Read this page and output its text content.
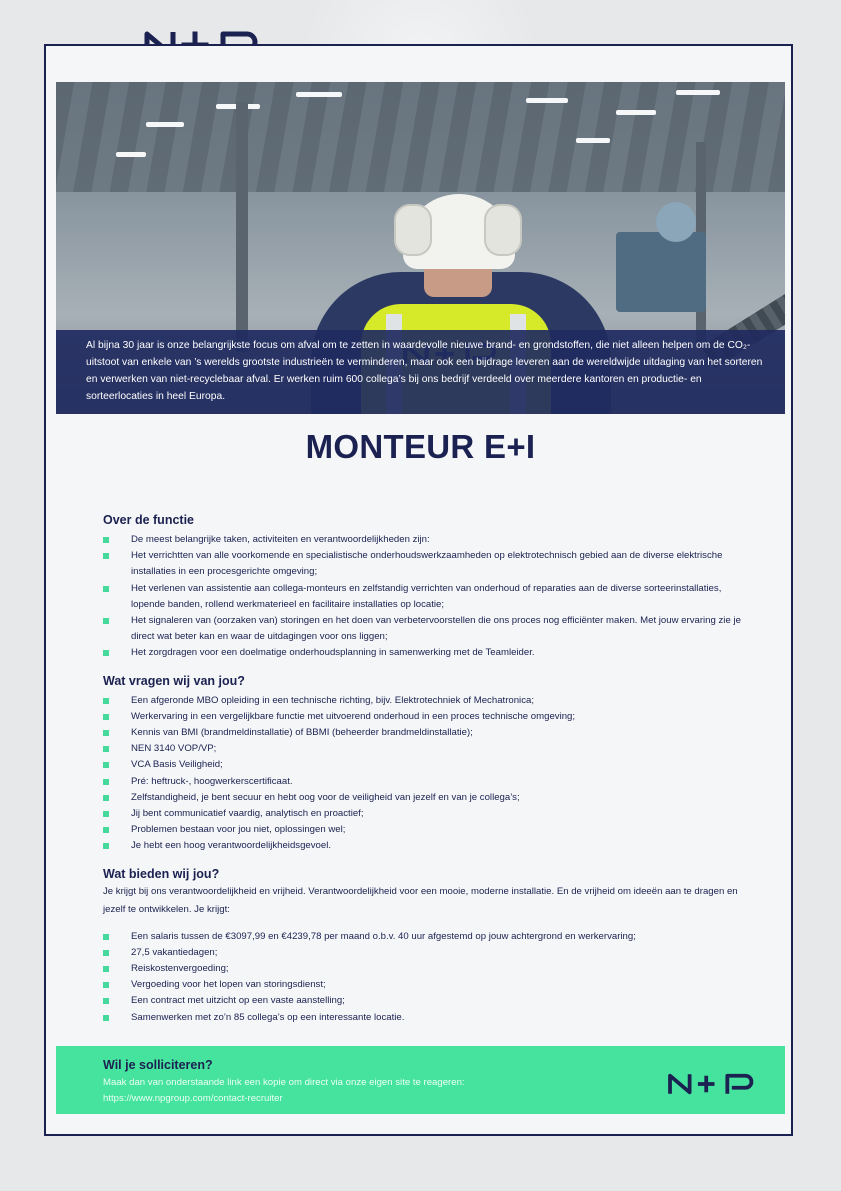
Al bijna 30 jaar is onze belangrijkste focus om afval om te zetten in waardevolle nieuwe brand- en grondstoffen, die niet alleen helpen om de CO₂-uitstoot van enkele van ’s werelds grootste industrieën te verminderen, maar ook een bijdrage leveren aan de wereldwijde uitdaging van het sorteren en verwerken van niet-recyclebaar afval. Er werken ruim 600 collega’s bij ons bedrijf verdeeld over meerdere kantoren en productie- en sorteerlocaties in heel Europa.

MONTEUR E+I
Over de functie
De meest belangrijke taken, activiteiten en verantwoordelijkheden zijn:
Het verrichtten van alle voorkomende en specialistische onderhoudswerkzaamheden op elektrotechnisch gebied aan de diverse elektrische installaties in een procesgerichte omgeving;
Het verlenen van assistentie aan collega-monteurs en zelfstandig verrichten van onderhoud of reparaties aan de diverse sorteerinstallaties, lopende banden, rollend werkmaterieel en facilitaire installaties op locatie;
Het signaleren van (oorzaken van) storingen en het doen van verbetervoorstellen die ons proces nog efficiënter maken. Met jouw ervaring zie je direct wat beter kan en waar de uitdagingen voor ons liggen;
Het zorgdragen voor een doelmatige onderhoudsplanning in samenwerking met de Teamleider.
Wat vragen wij van jou?
Een afgeronde MBO opleiding in een technische richting, bijv. Elektrotechniek of Mechatronica;
Werkervaring in een vergelijkbare functie met uitvoerend onderhoud in een proces technische omgeving;
Kennis van BMI (brandmeldinstallatie) of BBMI (beheerder brandmeldinstallatie);
NEN 3140 VOP/VP;
VCA Basis Veiligheid;
Pré: heftruck-, hoogwerkerscertificaat.
Zelfstandigheid, je bent secuur en hebt oog voor de veiligheid van jezelf en van je collega’s;
Jij bent communicatief vaardig, analytisch en proactief;
Problemen bestaan voor jou niet, oplossingen wel;
Je hebt een hoog verantwoordelijkheidsgevoel.
Wat bieden wij jou?

Je krijgt bij ons verantwoordelijkheid en vrijheid. Verantwoordelijkheid voor een mooie, moderne installatie. En de vrijheid om ideeën aan te dragen en jezelf te ontwikkelen. Je krijgt:

Een salaris tussen de €3097,99 en €4239,78 per maand o.b.v. 40 uur afgestemd op jouw achtergrond en werkervaring;
27,5 vakantiedagen;
Reiskostenvergoeding;
Vergoeding voor het lopen van storingsdienst;
Een contract met uitzicht op een vaste aanstelling;
Samenwerken met zo’n 85 collega’s op een interessante locatie.
Wil je solliciteren?

Maak dan van onderstaande link een kopie om direct via onze eigen site te reageren:

https://www.npgroup.com/contact-recruiter
